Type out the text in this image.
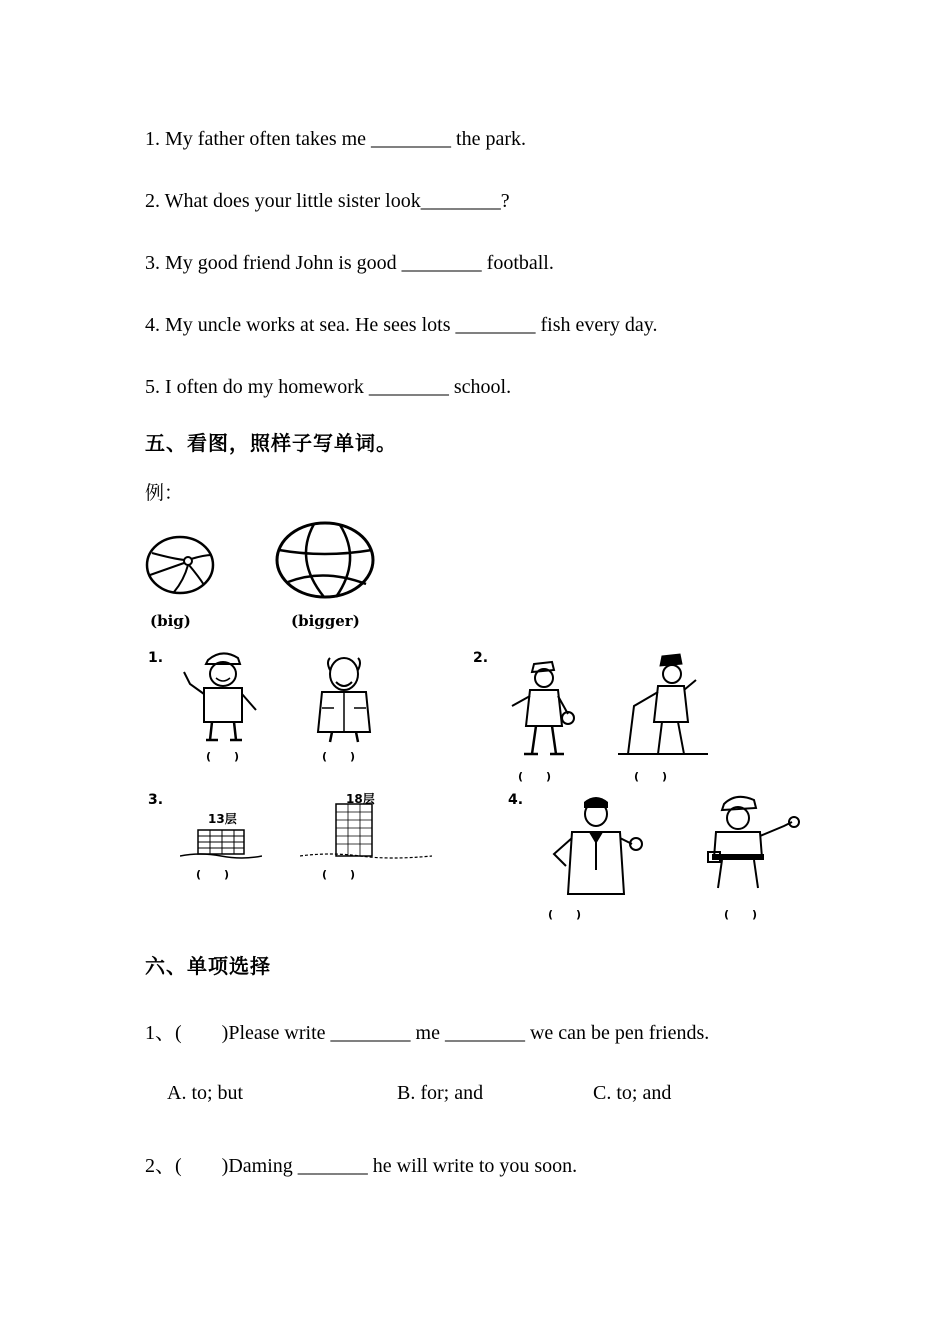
1. My father often takes me ________ the park.
2. What does your little sister look________?
3. My good friend John is good ________ football.
4. My uncle works at sea. He sees lots ________ fish every day.
5. I often do my homework ________ school.
五、看图，照样子写单词。
例：
(big)	(bigger)
1.	2.
3.	4.
(      )	(      )
(      )	(      )
13层
18层
(      )	(      )
(      )	(      )
六、单项选择
1、(        )Please write ________ me ________ we can be pen friends.
A. to; but	B. for; and	C. to; and
2、(        )Daming _______ he will write to you soon.
